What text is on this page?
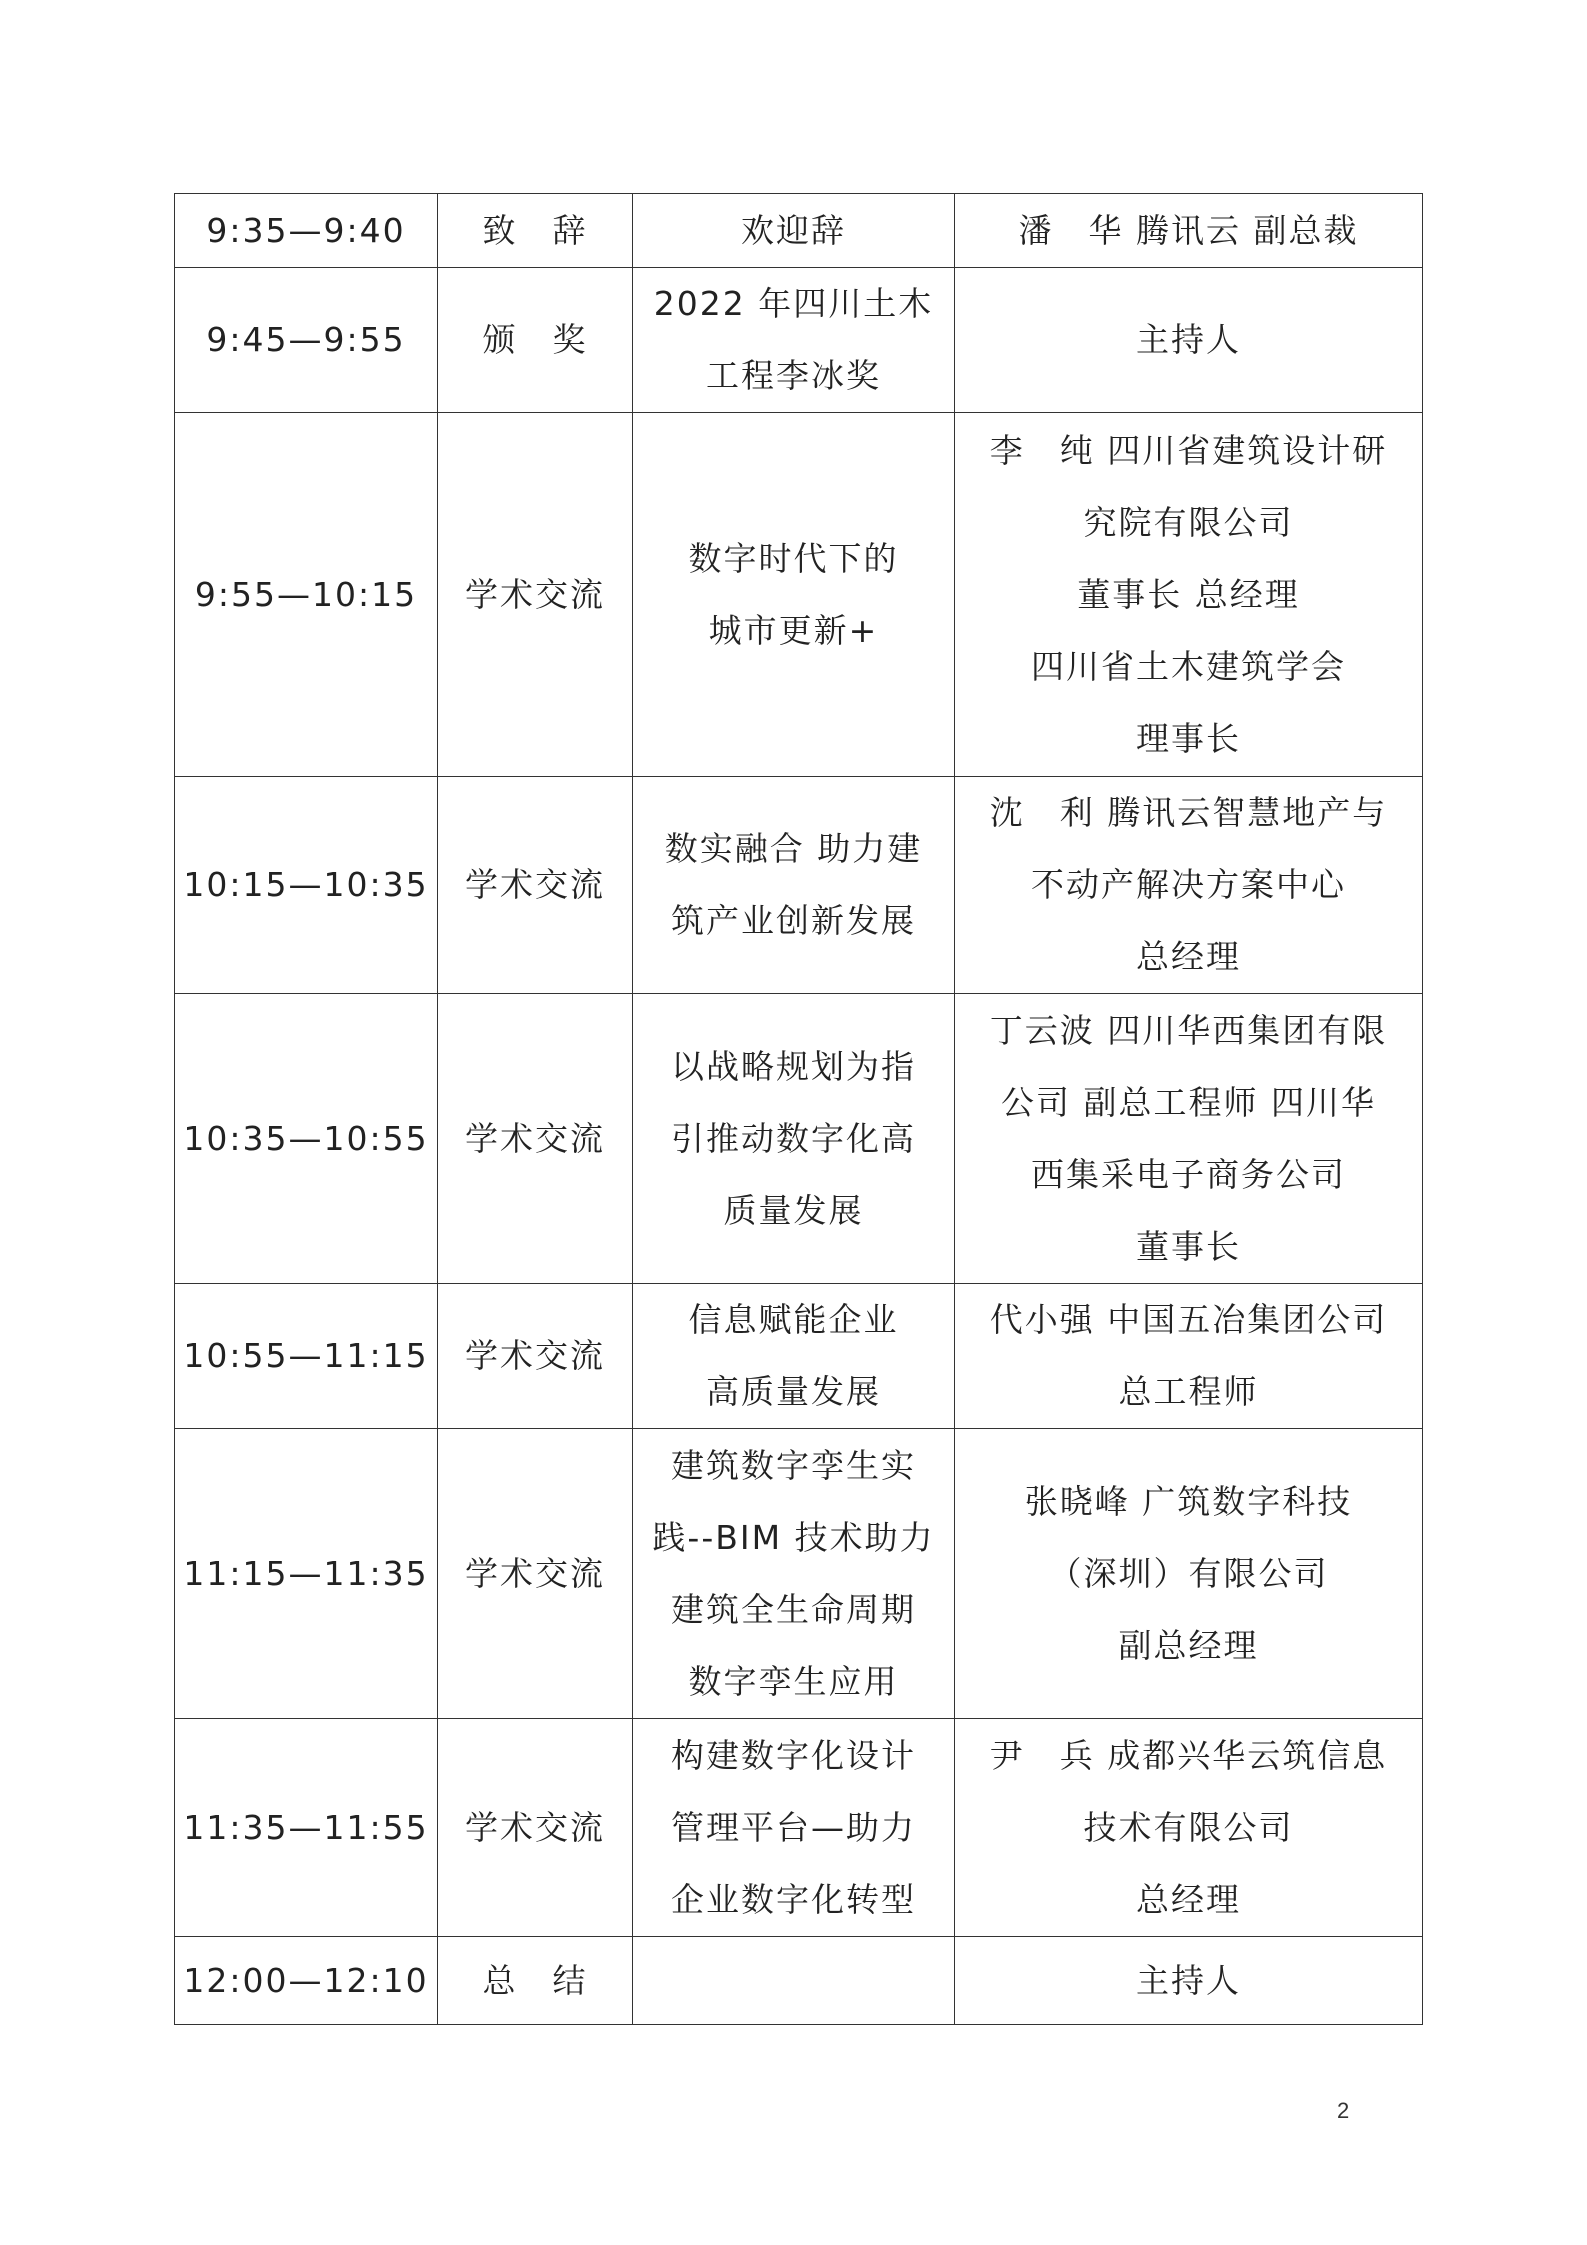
9:35—9:40	致　辞	欢迎辞	潘　华 腾讯云 副总裁

9:45—9:55	颁　奖	2022 年四川土木
工程李冰奖	主持人

9:55—10:15	学术交流	数字时代下的
城市更新+	李　纯 四川省建筑设计研
究院有限公司
董事长 总经理
四川省土木建筑学会
理事长

10:15—10:35	学术交流	数实融合 助力建
筑产业创新发展	沈　利 腾讯云智慧地产与
不动产解决方案中心
总经理

10:35—10:55	学术交流	以战略规划为指
引推动数字化高
质量发展	丁云波 四川华西集团有限
公司 副总工程师 四川华
西集采电子商务公司
董事长

10:55—11:15	学术交流	信息赋能企业
高质量发展	代小强 中国五冶集团公司
总工程师

11:15—11:35	学术交流	建筑数字孪生实
践--BIM 技术助力
建筑全生命周期
数字孪生应用	张晓峰 广筑数字科技
（深圳）有限公司
副总经理

11:35—11:55	学术交流	构建数字化设计
管理平台—助力
企业数字化转型	尹　兵 成都兴华云筑信息
技术有限公司
总经理

12:00—12:10	总　结		主持人
2
